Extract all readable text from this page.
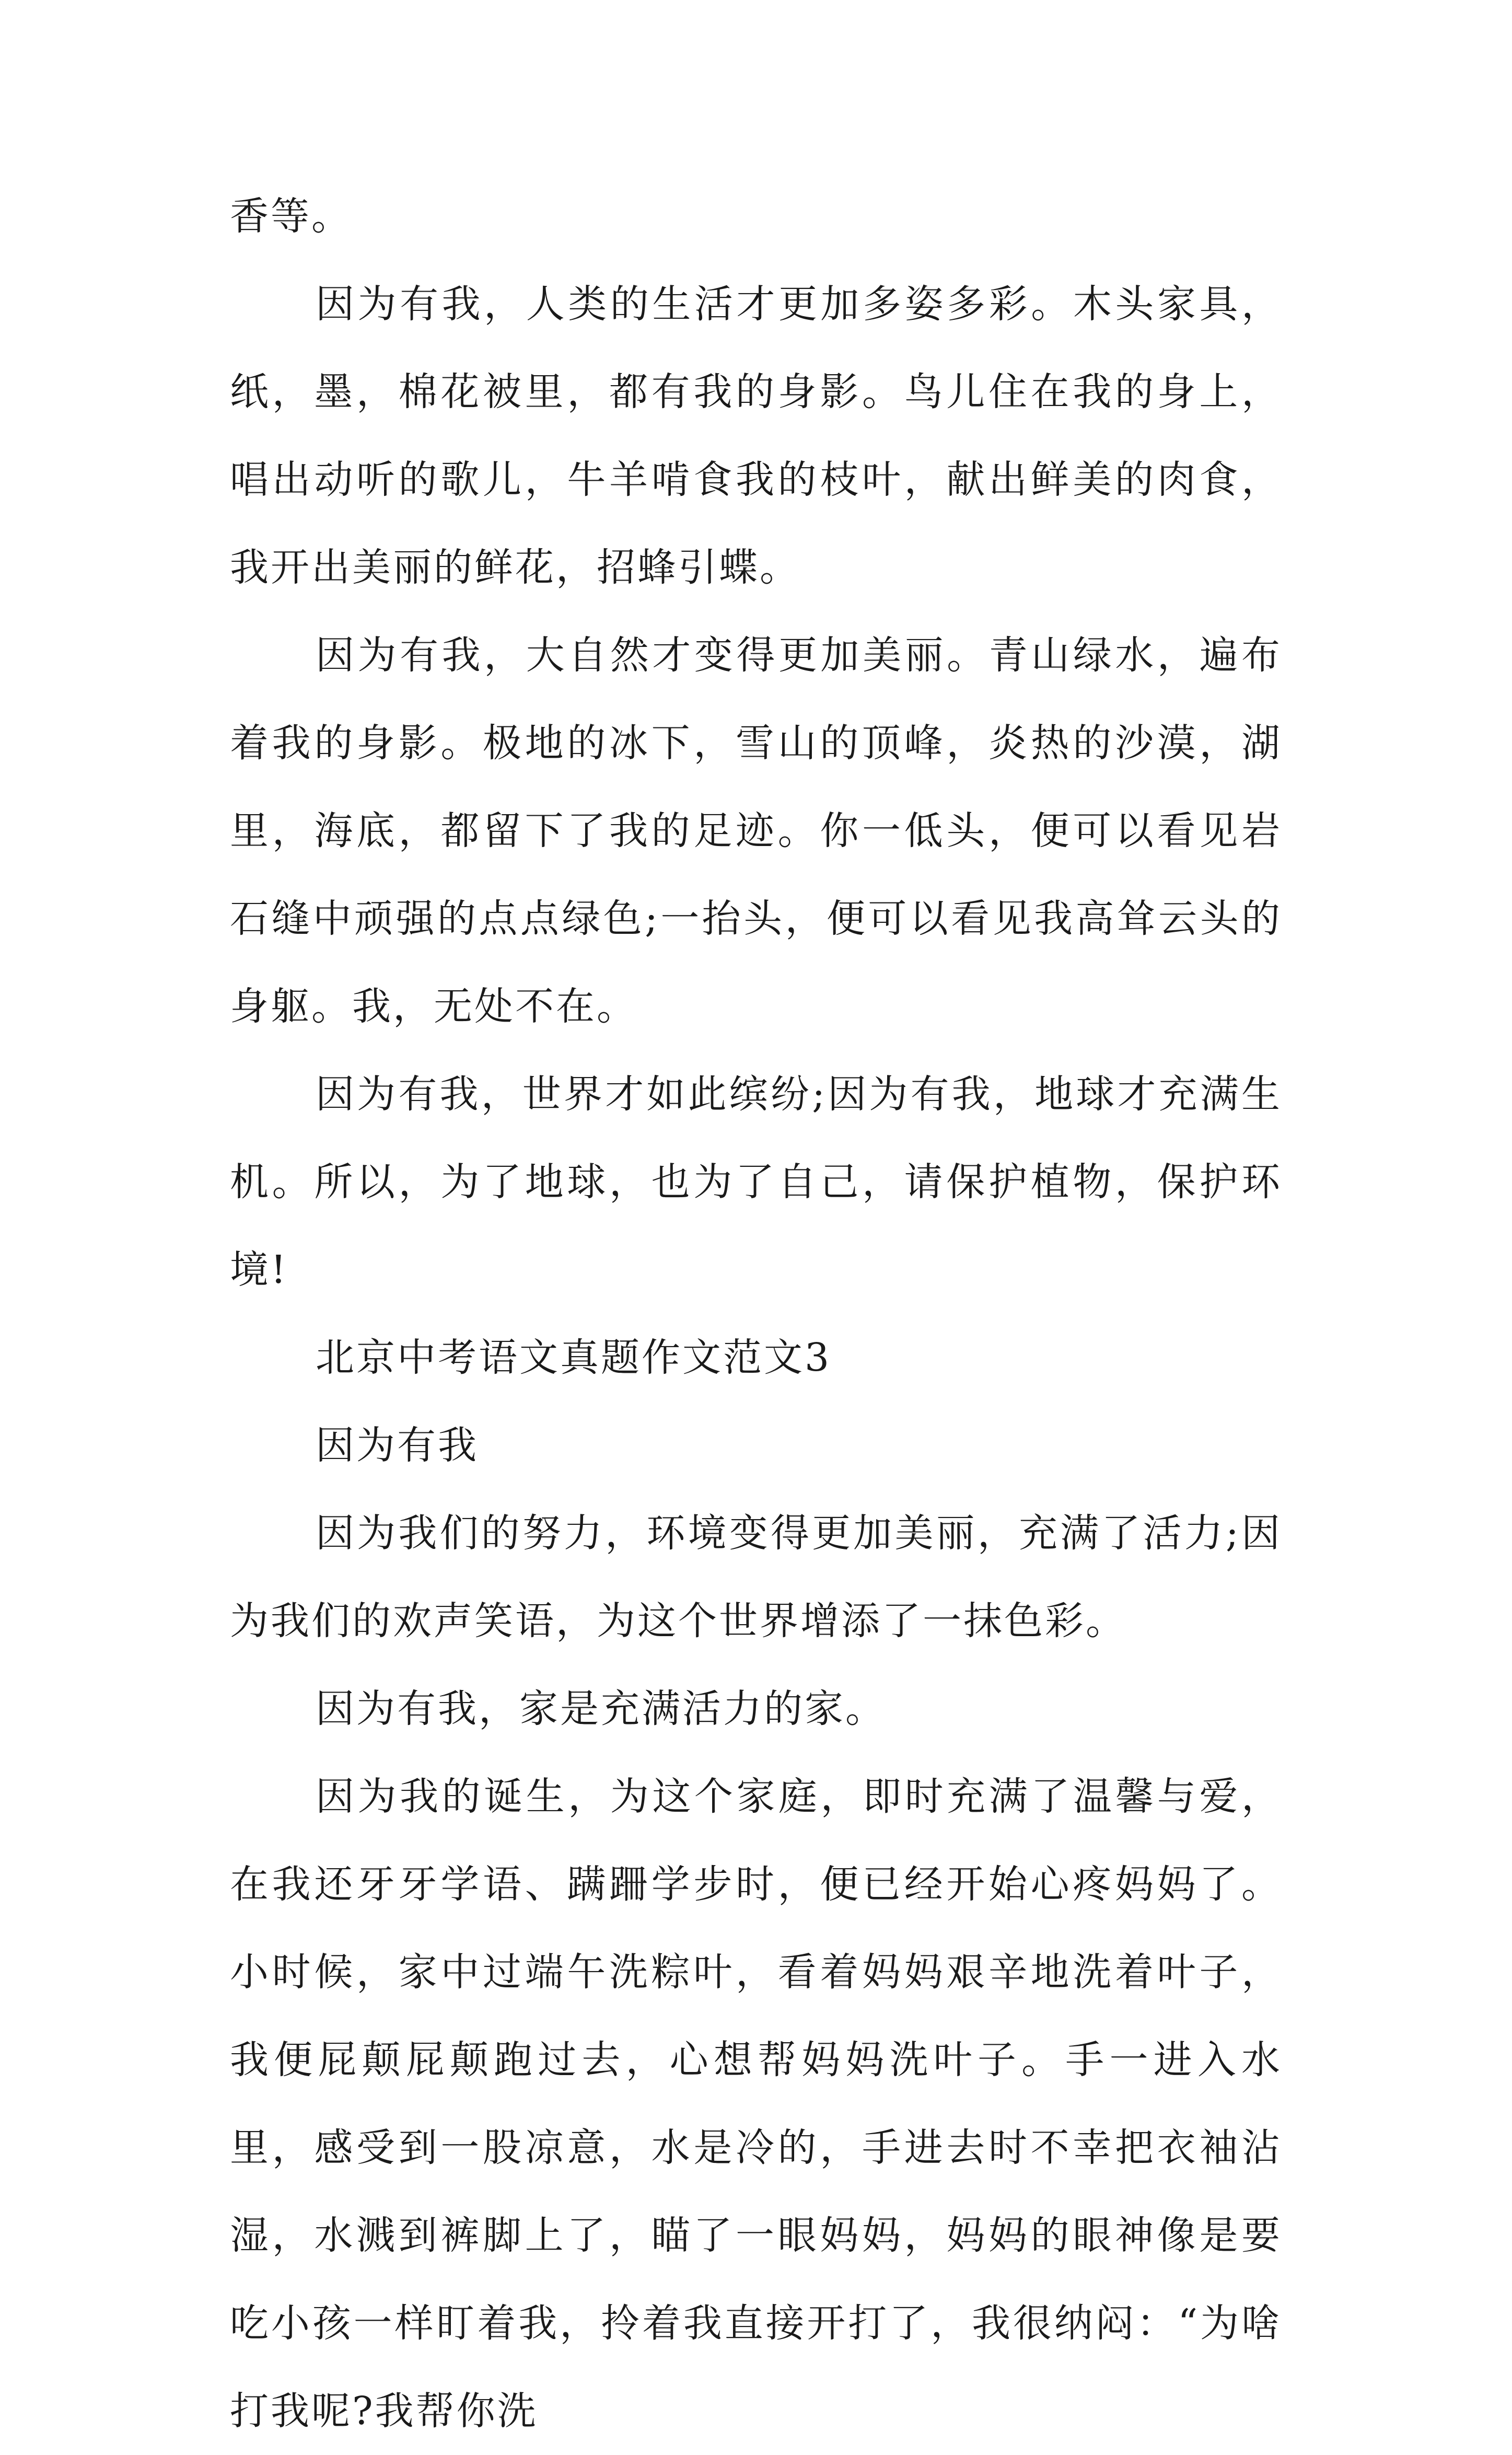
香等。

因为有我，人类的生活才更加多姿多彩。木头家具，纸，墨，棉花被里，都有我的身影。鸟儿住在我的身上，唱出动听的歌儿，牛羊啃食我的枝叶，献出鲜美的肉食，我开出美丽的鲜花，招蜂引蝶。

因为有我，大自然才变得更加美丽。青山绿水，遍布着我的身影。极地的冰下，雪山的顶峰，炎热的沙漠，湖里，海底，都留下了我的足迹。你一低头，便可以看见岩石缝中顽强的点点绿色;一抬头，便可以看见我高耸云头的身躯。我，无处不在。

因为有我，世界才如此缤纷;因为有我，地球才充满生机。所以，为了地球，也为了自己，请保护植物，保护环境!

北京中考语文真题作文范文3

因为有我

因为我们的努力，环境变得更加美丽，充满了活力;因为我们的欢声笑语，为这个世界增添了一抹色彩。

因为有我，家是充满活力的家。

因为我的诞生，为这个家庭，即时充满了温馨与爱，在我还牙牙学语、蹒跚学步时，便已经开始心疼妈妈了。小时候，家中过端午洗粽叶，看着妈妈艰辛地洗着叶子，我便屁颠屁颠跑过去，心想帮妈妈洗叶子。手一进入水里，感受到一股凉意，水是冷的，手进去时不幸把衣袖沾湿，水溅到裤脚上了，瞄了一眼妈妈，妈妈的眼神像是要吃小孩一样盯着我，拎着我直接开打了，我很纳闷：“为啥打我呢?我帮你洗
